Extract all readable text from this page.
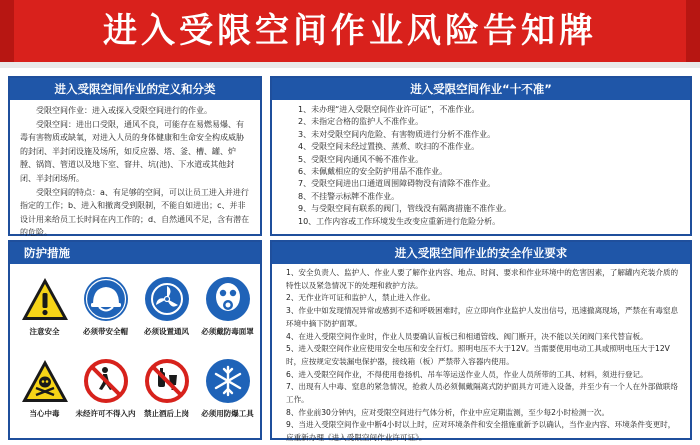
进入受限空间作业风险告知牌
进入受限空间作业的定义和分类
受限空间作业：进入或探入受限空间进行的作业。
受限空间：进出口受限，通风不良，可能存在易燃易爆、有毒有害物质或缺氧，对进入人员的身体健康和生命安全构成威胁的封闭、半封闭设施及场所，如反应器、塔、釜、槽、罐、炉膛、锅筒、管道以及地下室、窨井、坑(池)、下水道或其他封闭、半封闭场所。
受限空间的特点：a、有足够的空间，可以让员工进入并进行指定的工作；b、进入和撤离受到限制，不能自如进出；c、并非设计用来给员工长时间在内工作的；d、自然通风不足，含有潜在的危险。
进入受限空间作业“十不准”
1、未办理“进入受限空间作业许可证”，不准作业。
2、未指定合格的监护人不准作业。
3、未对受限空间内危险、有害物质进行分析不准作业。
4、受限空间未经过置换、蒸煮、吹扫的不准作业。
5、受限空间内通风不畅不准作业。
6、未佩戴相应的安全防护用品不准作业。
7、受限空间进出口通道周围障碍物没有清除不准作业。
8、不挂警示标牌不准作业。
9、与受限空间有联系的阀门，管线没有隔离措施不准作业。
10、工作内容或工作环境发生改变应重新进行危险分析。
防护措施
注意安全	必须带安全帽	必须设置通风	必须戴防毒面罩
当心中毒	未经许可不得入内	禁止酒后上岗	必须用防爆工具
进入受限空间作业的安全作业要求
1、安全负责人、监护人、作业人要了解作业内容、地点、时间、要求和作业环境中的危害因素，了解罐内充装介质的特性以及紧急情况下的处理和救护方法。
2、无作业许可证和监护人，禁止进入作业。
3、作业中如发现情况异常或感到不适和呼吸困难时，应立即向作业监护人发出信号，迅速撤离现场，严禁在有毒窒息环境中摘下防护面罩。
4、在进入受限空间作业时，作业人员要确认盲板已和相通管线、阀门断开，决不能以关闭阀门来代替盲板。
5、进入受限空间作业应使用安全电压和安全行灯。照明电压不大于12V。当需要使用电动工具或照明电压大于12V时，应按规定安装漏电保护器，接线箱（板）严禁带入容器内使用。
6、进入受限空间作业，不得使用卷扬机、吊车等运送作业人员，作业人员所带的工具、材料，须进行登记。
7、出现有人中毒、窒息的紧急情况，抢救人员必须佩戴隔离式防护面具方可进入设备，并至少有一个人在外部做联络工作。
8、作业前30分钟内，应对受限空间进行气体分析，作业中应定期监测，至少每2小时检测一次。
9、当进入受限空间作业中断4小时以上时，应对环境条件和安全措施重新予以确认，当作业内容、环境条件变更时，应重新办理《进入受限空间作业许可证》。
